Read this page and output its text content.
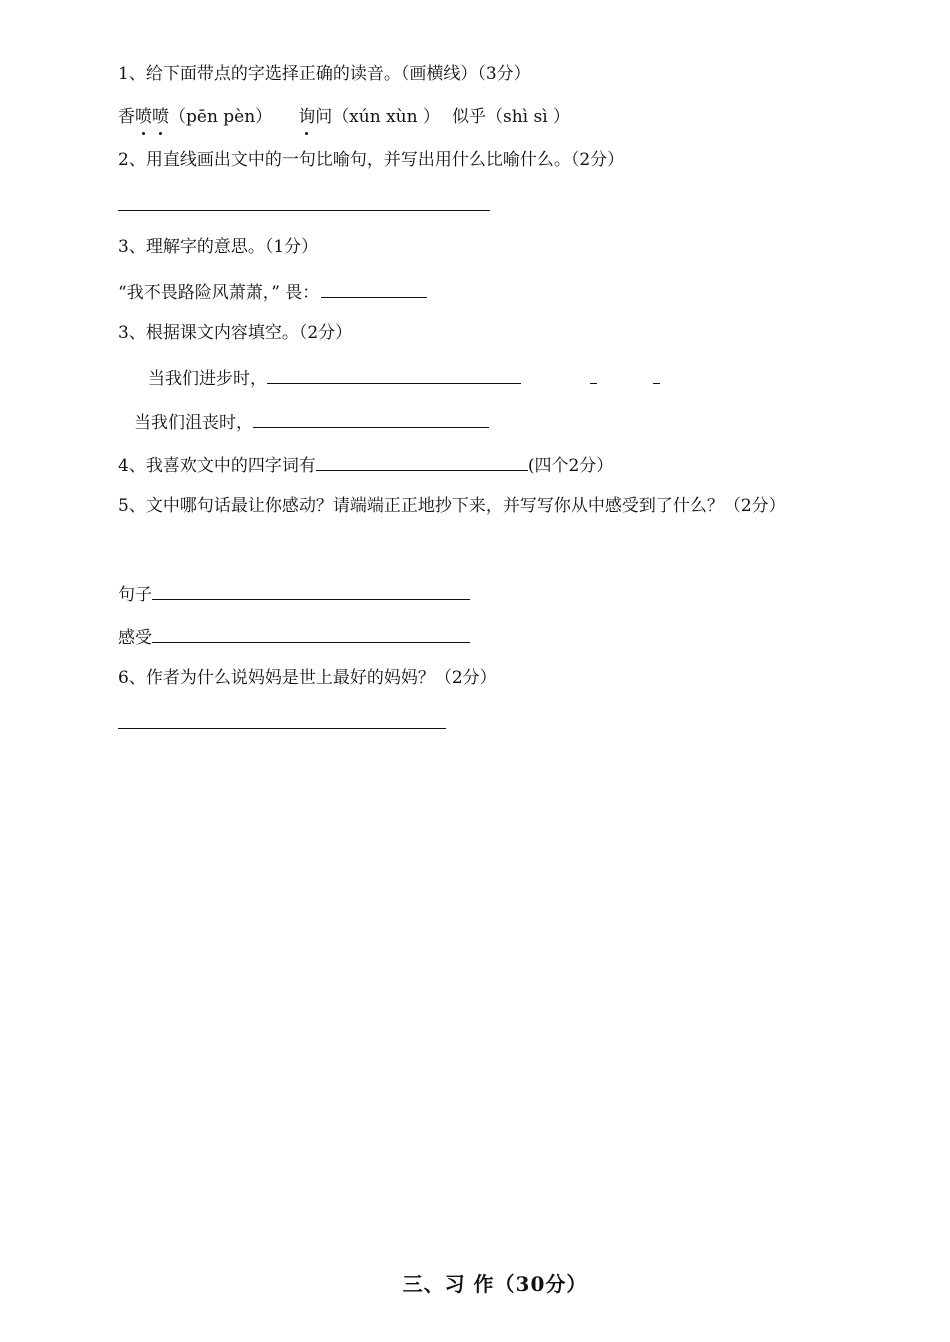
1、给下面带点的字选择正确的读音。（画横线）（3分）
香喷喷（pēn pèn） 询问（xún xùn ） 似乎（shì sì ）
2、用直线画出文中的一句比喻句，并写出用什么比喻什么。（2分）
3、理解字的意思。（1分）
“我不畏路险风萧萧，” 畏：
3、根据课文内容填空。（2分）
当我们进步时，
当我们沮丧时，
4、我喜欢文中的四字词有	(四个2分）
5、文中哪句话最让你感动？请端端正正地抄下来，并写写你从中感受到了什么？（2分）
句子
感受
6、作者为什么说妈妈是世上最好的妈妈？（2分）
三、习 作（30分）
